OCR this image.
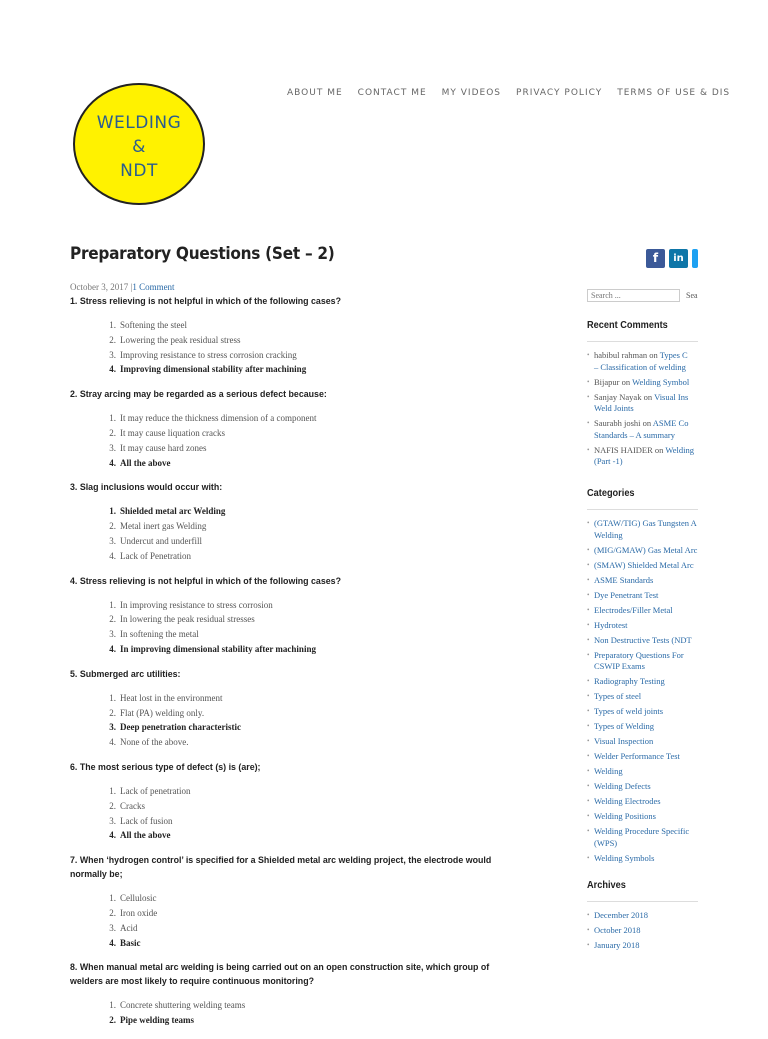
ABOUT ME CONTACT ME MY VIDEOS PRIVACY POLICY TERMS OF USE & DIS
WELDING
&
NDT
Preparatory Questions (Set – 2)
October 3, 2017 |1 Comment
1. Stress relieving is not helpful in which of the following cases?
1. Softening the steel
2. Lowering the peak residual stress
3. Improving resistance to stress corrosion cracking
4. Improving dimensional stability after machining
2. Stray arcing may be regarded as a serious defect because:
1. It may reduce the thickness dimension of a component
2. It may cause liquation cracks
3. It may cause hard zones
4. All the above
3. Slag inclusions would occur with:
1. Shielded metal arc Welding
2. Metal inert gas Welding
3. Undercut and underfill
4. Lack of Penetration
4. Stress relieving is not helpful in which of the following cases?
1. In improving resistance to stress corrosion
2. In lowering the peak residual stresses
3. In softening the metal
4. In improving dimensional stability after machining
5. Submerged arc utilities:
1. Heat lost in the environment
2. Flat (PA) welding only.
3. Deep penetration characteristic
4. None of the above.
6. The most serious type of defect (s) is (are);
1. Lack of penetration
2. Cracks
3. Lack of fusion
4. All the above
7. When ‘hydrogen control’ is specified for a Shielded metal arc welding project, the electrode would normally be;
1. Cellulosic
2. Iron oxide
3. Acid
4. Basic
8. When manual metal arc welding is being carried out on an open construction site, which group of welders are most likely to require continuous monitoring?
1. Concrete shuttering welding teams
2. Pipe welding teams
f	in
Search ...
Sea
Recent Comments
• habibul rahman on Types C
– Classification of welding
• Bijapur on Welding Symbol
• Sanjay Nayak on Visual Ins
Weld Joints
• Saurabh joshi on ASME Co
Standards – A summary
• NAFIS HAIDER on Welding
(Part -1)
Categories
• (GTAW/TIG) Gas Tungsten A
Welding
• (MIG/GMAW) Gas Metal Arc
• (SMAW) Shielded Metal Arc
• ASME Standards
• Dye Penetrant Test
• Electrodes/Filler Metal
• Hydrotest
• Non Destructive Tests (NDT
• Preparatory Questions For
CSWIP Exams
• Radiography Testing
• Types of steel
• Types of weld joints
• Types of Welding
• Visual Inspection
• Welder Performance Test
• Welding
• Welding Defects
• Welding Electrodes
• Welding Positions
• Welding Procedure Specific
(WPS)
• Welding Symbols
Archives
• December 2018
• October 2018
• January 2018
